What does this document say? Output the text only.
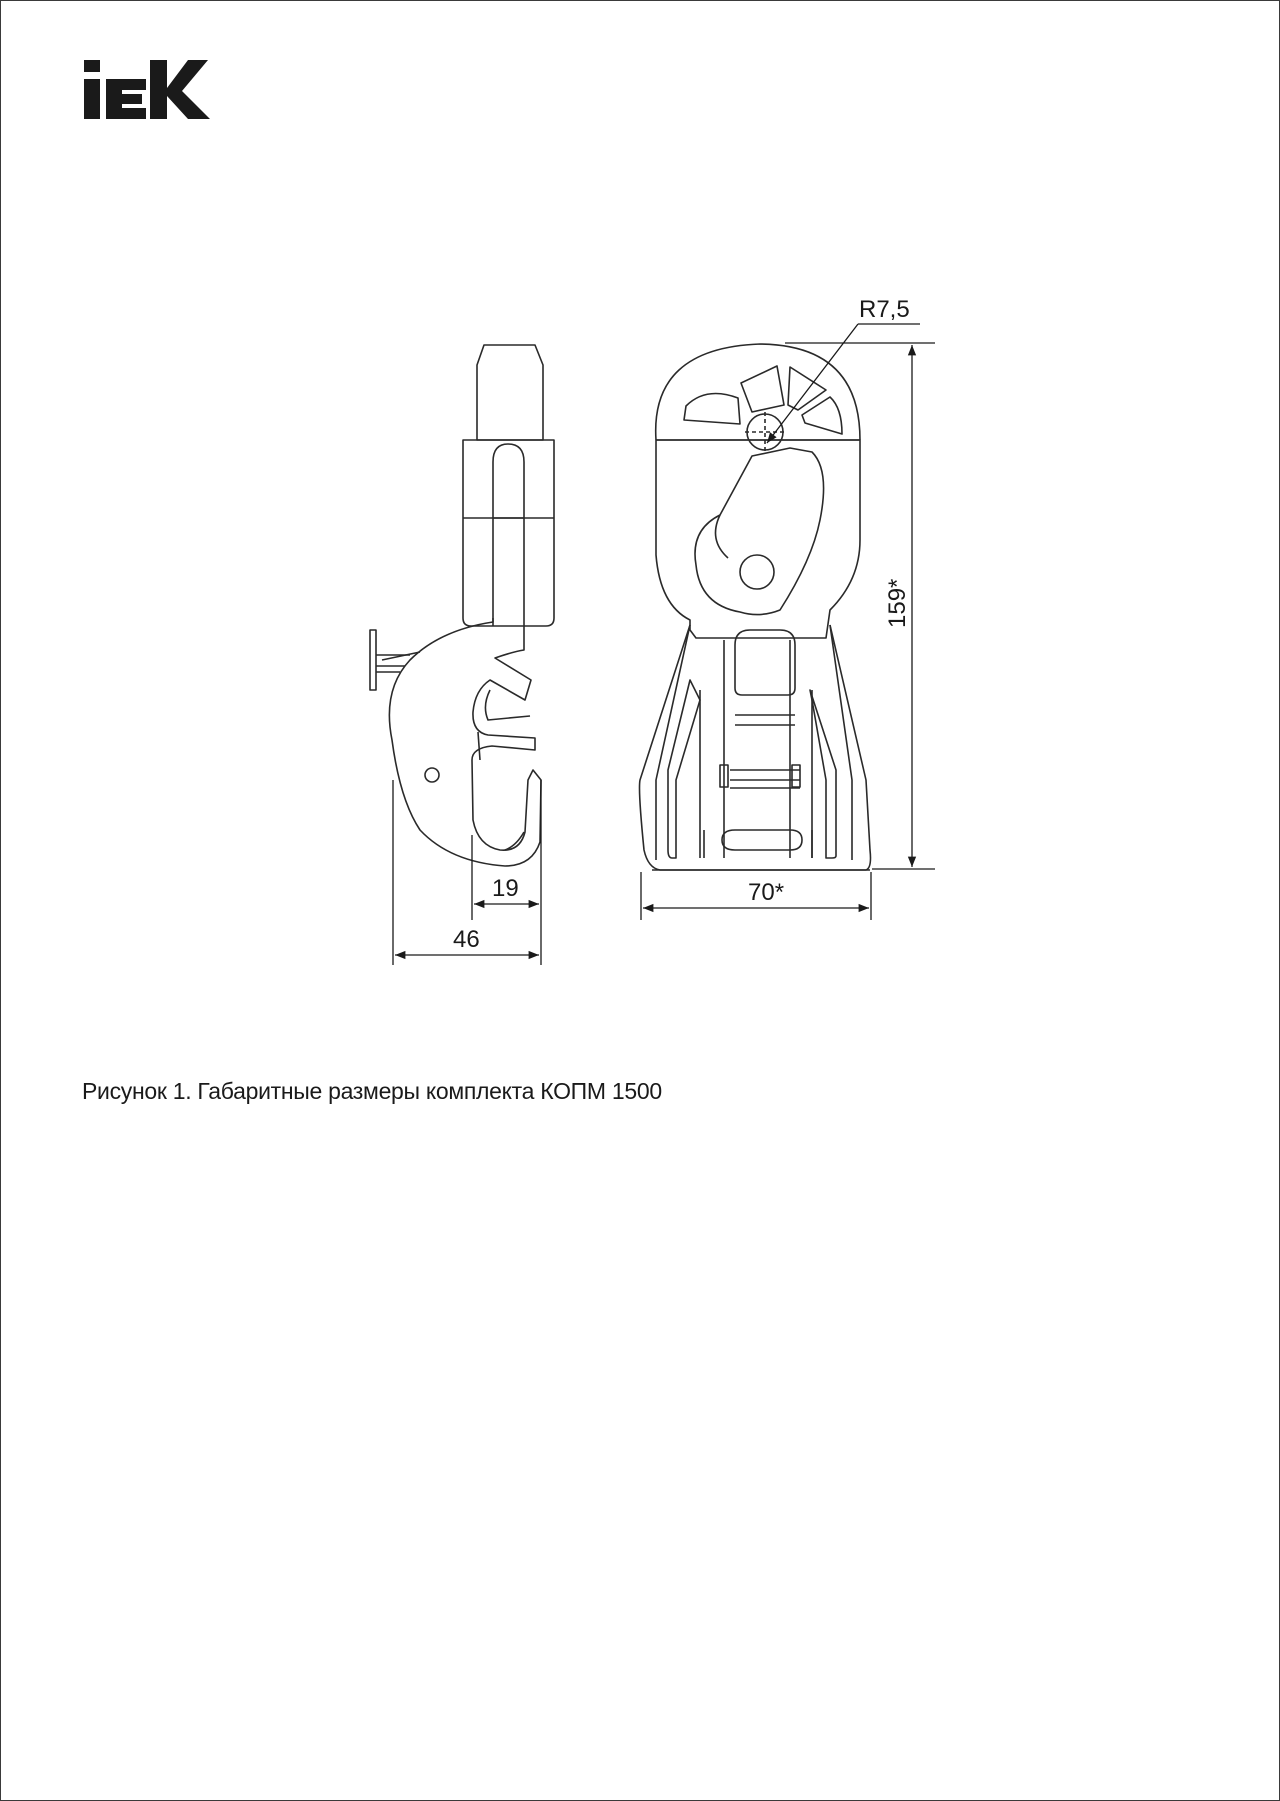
R7,5
159*
70*
19
46
Рисунок 1. Габаритные размеры комплекта КОПМ 1500
